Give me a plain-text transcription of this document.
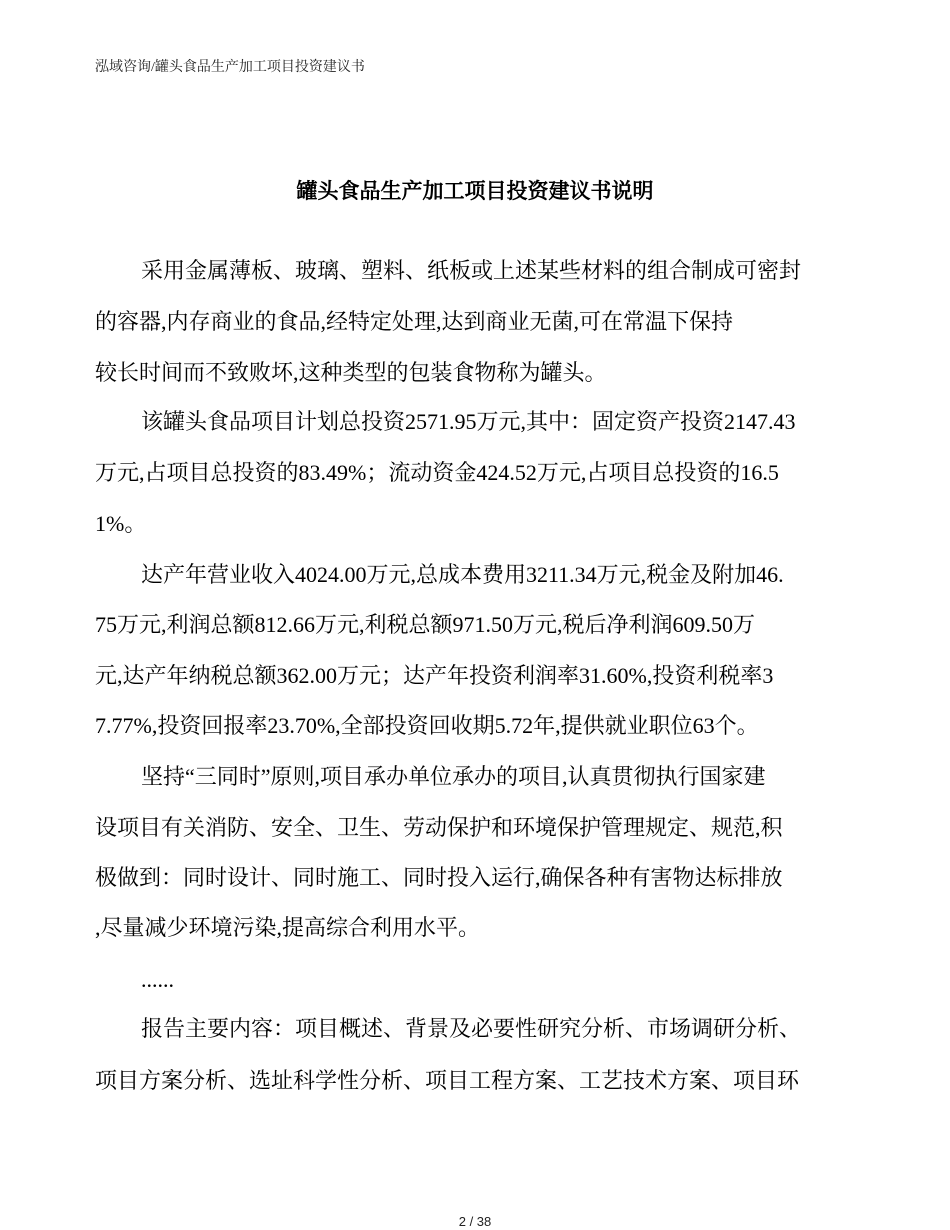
泓域咨询/罐头食品生产加工项目投资建议书
罐头食品生产加工项目投资建议书说明
采用金属薄板、玻璃、塑料、纸板或上述某些材料的组合制成可密封
的容器,内存商业的食品,经特定处理,达到商业无菌,可在常温下保持
较长时间而不致败坏,这种类型的包装食物称为罐头。
该罐头食品项目计划总投资2571.95万元,其中：固定资产投资2147.43
万元,占项目总投资的83.49%；流动资金424.52万元,占项目总投资的16.5
1%。
达产年营业收入4024.00万元,总成本费用3211.34万元,税金及附加46.
75万元,利润总额812.66万元,利税总额971.50万元,税后净利润609.50万
元,达产年纳税总额362.00万元；达产年投资利润率31.60%,投资利税率3
7.77%,投资回报率23.70%,全部投资回收期5.72年,提供就业职位63个。
坚持“三同时”原则,项目承办单位承办的项目,认真贯彻执行国家建
设项目有关消防、安全、卫生、劳动保护和环境保护管理规定、规范,积
极做到：同时设计、同时施工、同时投入运行,确保各种有害物达标排放
,尽量减少环境污染,提高综合利用水平。
......
报告主要内容：项目概述、背景及必要性研究分析、市场调研分析、
项目方案分析、选址科学性分析、项目工程方案、工艺技术方案、项目环
2 / 38
